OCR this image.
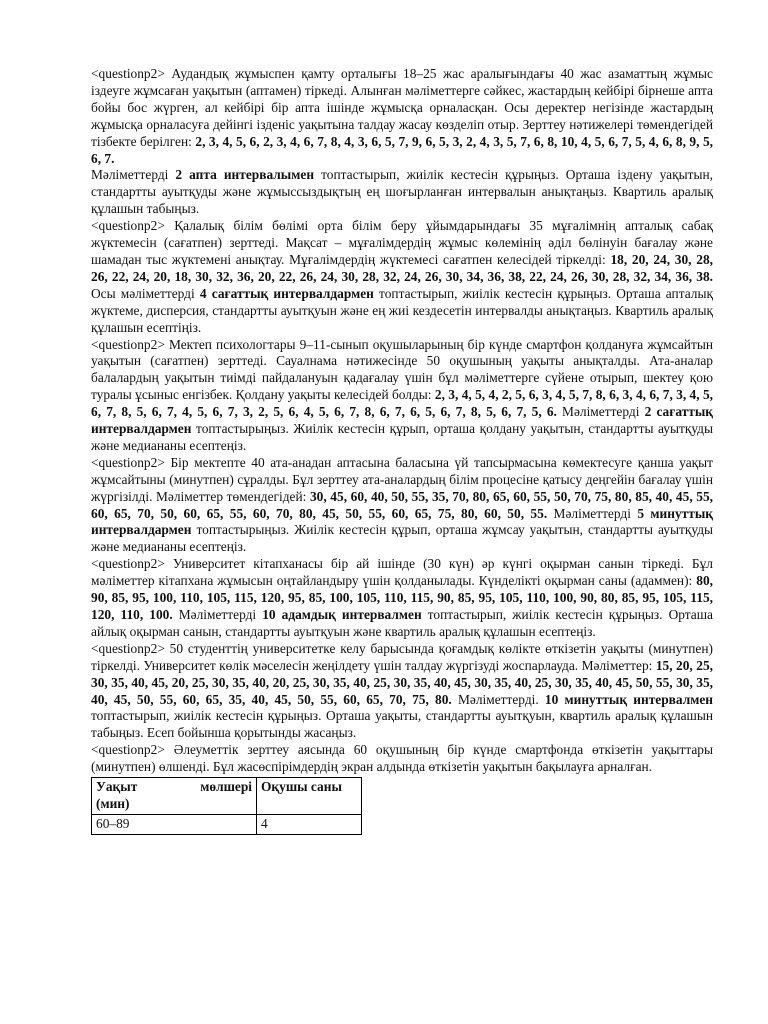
<questionp2> Аудандық жұмыспен қамту орталығы 18–25 жас аралығындағы 40 жас азаматтың жұмыс іздеуге жұмсаған уақытын (аптамен) тіркеді. Алынған мәліметтерге сәйкес, жастардың кейбірі бірнеше апта бойы бос жүрген, ал кейбірі бір апта ішінде жұмысқа орналасқан. Осы деректер негізінде жастардың жұмысқа орналасуға дейінгі ізденіс уақытына талдау жасау көзделіп отыр. Зерттеу нәтижелері төмендегідей тізбекте берілген: 2, 3, 4, 5, 6, 2, 3, 4, 6, 7, 8, 4, 3, 6, 5, 7, 9, 6, 5, 3, 2, 4, 3, 5, 7, 6, 8, 10, 4, 5, 6, 7, 5, 4, 6, 8, 9, 5, 6, 7.
Мәліметтерді 2 апта интервалымен топтастырып, жиілік кестесін құрыңыз. Орташа іздену уақытын, стандартты ауытқуды және жұмыссыздықтың ең шоғырланған интервалын анықтаңыз. Квартиль аралық құлашын табыңыз.

<questionp2> Қалалық білім бөлімі орта білім беру ұйымдарындағы 35 мұғалімнің апталық сабақ жүктемесін (сағатпен) зерттеді. Мақсат – мұғалімдердің жұмыс көлемінің әділ бөлінуін бағалау және шамадан тыс жүктемені анықтау. Мұғалімдердің жүктемесі сағатпен келесідей тіркелді: 18, 20, 24, 30, 28, 26, 22, 24, 20, 18, 30, 32, 36, 20, 22, 26, 24, 30, 28, 32, 24, 26, 30, 34, 36, 38, 22, 24, 26, 30, 28, 32, 34, 36, 38. Осы мәліметтерді 4 сағаттық интервалдармен топтастырып, жиілік кестесін құрыңыз. Орташа апталық жүктеме, дисперсия, стандартты ауытқуын және ең жиі кездесетін интервалды анықтаңыз. Квартиль аралық құлашын есептіңіз.

<questionp2> Мектеп психологтары 9–11-сынып оқушыларының бір күнде смартфон қолдануға жұмсайтын уақытын (сағатпен) зерттеді. Сауалнама нәтижесінде 50 оқушының уақыты анықталды. Ата-аналар балалардың уақытын тиімді пайдалануын қадағалау үшін бұл мәліметтерге сүйене отырып, шектеу қою туралы ұсыныс енгізбек. Қолдану уақыты келесідей болды: 2, 3, 4, 5, 4, 2, 5, 6, 3, 4, 5, 7, 8, 6, 3, 4, 6, 7, 3, 4, 5, 6, 7, 8, 5, 6, 7, 4, 5, 6, 7, 3, 2, 5, 6, 4, 5, 6, 7, 8, 6, 7, 6, 5, 6, 7, 8, 5, 6, 7, 5, 6. Мәліметтерді 2 сағаттық интервалдармен топтастырыңыз. Жиілік кестесін құрып, орташа қолдану уақытын, стандартты ауытқуды және медиананы есептеңіз.

<questionp2> Бір мектепте 40 ата-анадан аптасына баласына үй тапсырмасына көмектесуге қанша уақыт жұмсайтыны (минутпен) сұралды. Бұл зерттеу ата-аналардың білім процесіне қатысу деңгейін бағалау үшін жүргізілді. Мәліметтер төмендегідей: 30, 45, 60, 40, 50, 55, 35, 70, 80, 65, 60, 55, 50, 70, 75, 80, 85, 40, 45, 55, 60, 65, 70, 50, 60, 65, 55, 60, 70, 80, 45, 50, 55, 60, 65, 75, 80, 60, 50, 55. Мәліметтерді 5 минуттық интервалдармен топтастырыңыз. Жиілік кестесін құрып, орташа жұмсау уақытын, стандартты ауытқуды және медиананы есептеңіз.

<questionp2> Университет кітапханасы бір ай ішінде (30 күн) әр күнгі оқырман санын тіркеді. Бұл мәліметтер кітапхана жұмысын оңтайландыру үшін қолданылады. Күнделікті оқырман саны (адаммен): 80, 90, 85, 95, 100, 110, 105, 115, 120, 95, 85, 100, 105, 110, 115, 90, 85, 95, 105, 110, 100, 90, 80, 85, 95, 105, 115, 120, 110, 100. Мәліметтерді 10 адамдық интервалмен топтастырып, жиілік кестесін құрыңыз. Орташа айлық оқырман санын, стандартты ауытқуын және квартиль аралық құлашын есептеңіз.

<questionp2> 50 студенттің университетке келу барысында қоғамдық көлікте өткізетін уақыты (минутпен) тіркелді. Университет көлік мәселесін жеңілдету үшін талдау жүргізуді жоспарлауда. Мәліметтер: 15, 20, 25, 30, 35, 40, 45, 20, 25, 30, 35, 40, 20, 25, 30, 35, 40, 25, 30, 35, 40, 45, 30, 35, 40, 25, 30, 35, 40, 45, 50, 55, 30, 35, 40, 45, 50, 55, 60, 65, 35, 40, 45, 50, 55, 60, 65, 70, 75, 80. Мәліметтерді. 10 минуттық интервалмен топтастырып, жиілік кестесін құрыңыз. Орташа уақыты, стандартты ауытқуын, квартиль аралық құлашын табыңыз. Есеп бойынша қорытынды жасаңыз.

<questionp2> Әлеуметтік зерттеу аясында 60 оқушының бір күнде смартфонда өткізетін уақыттары (минутпен) өлшенді. Бұл жасөспірімдердің экран алдында өткізетін уақытын бақылауға арналған.

Уақыт мөлшері
(мин)	Оқушы саны
60–89	4
